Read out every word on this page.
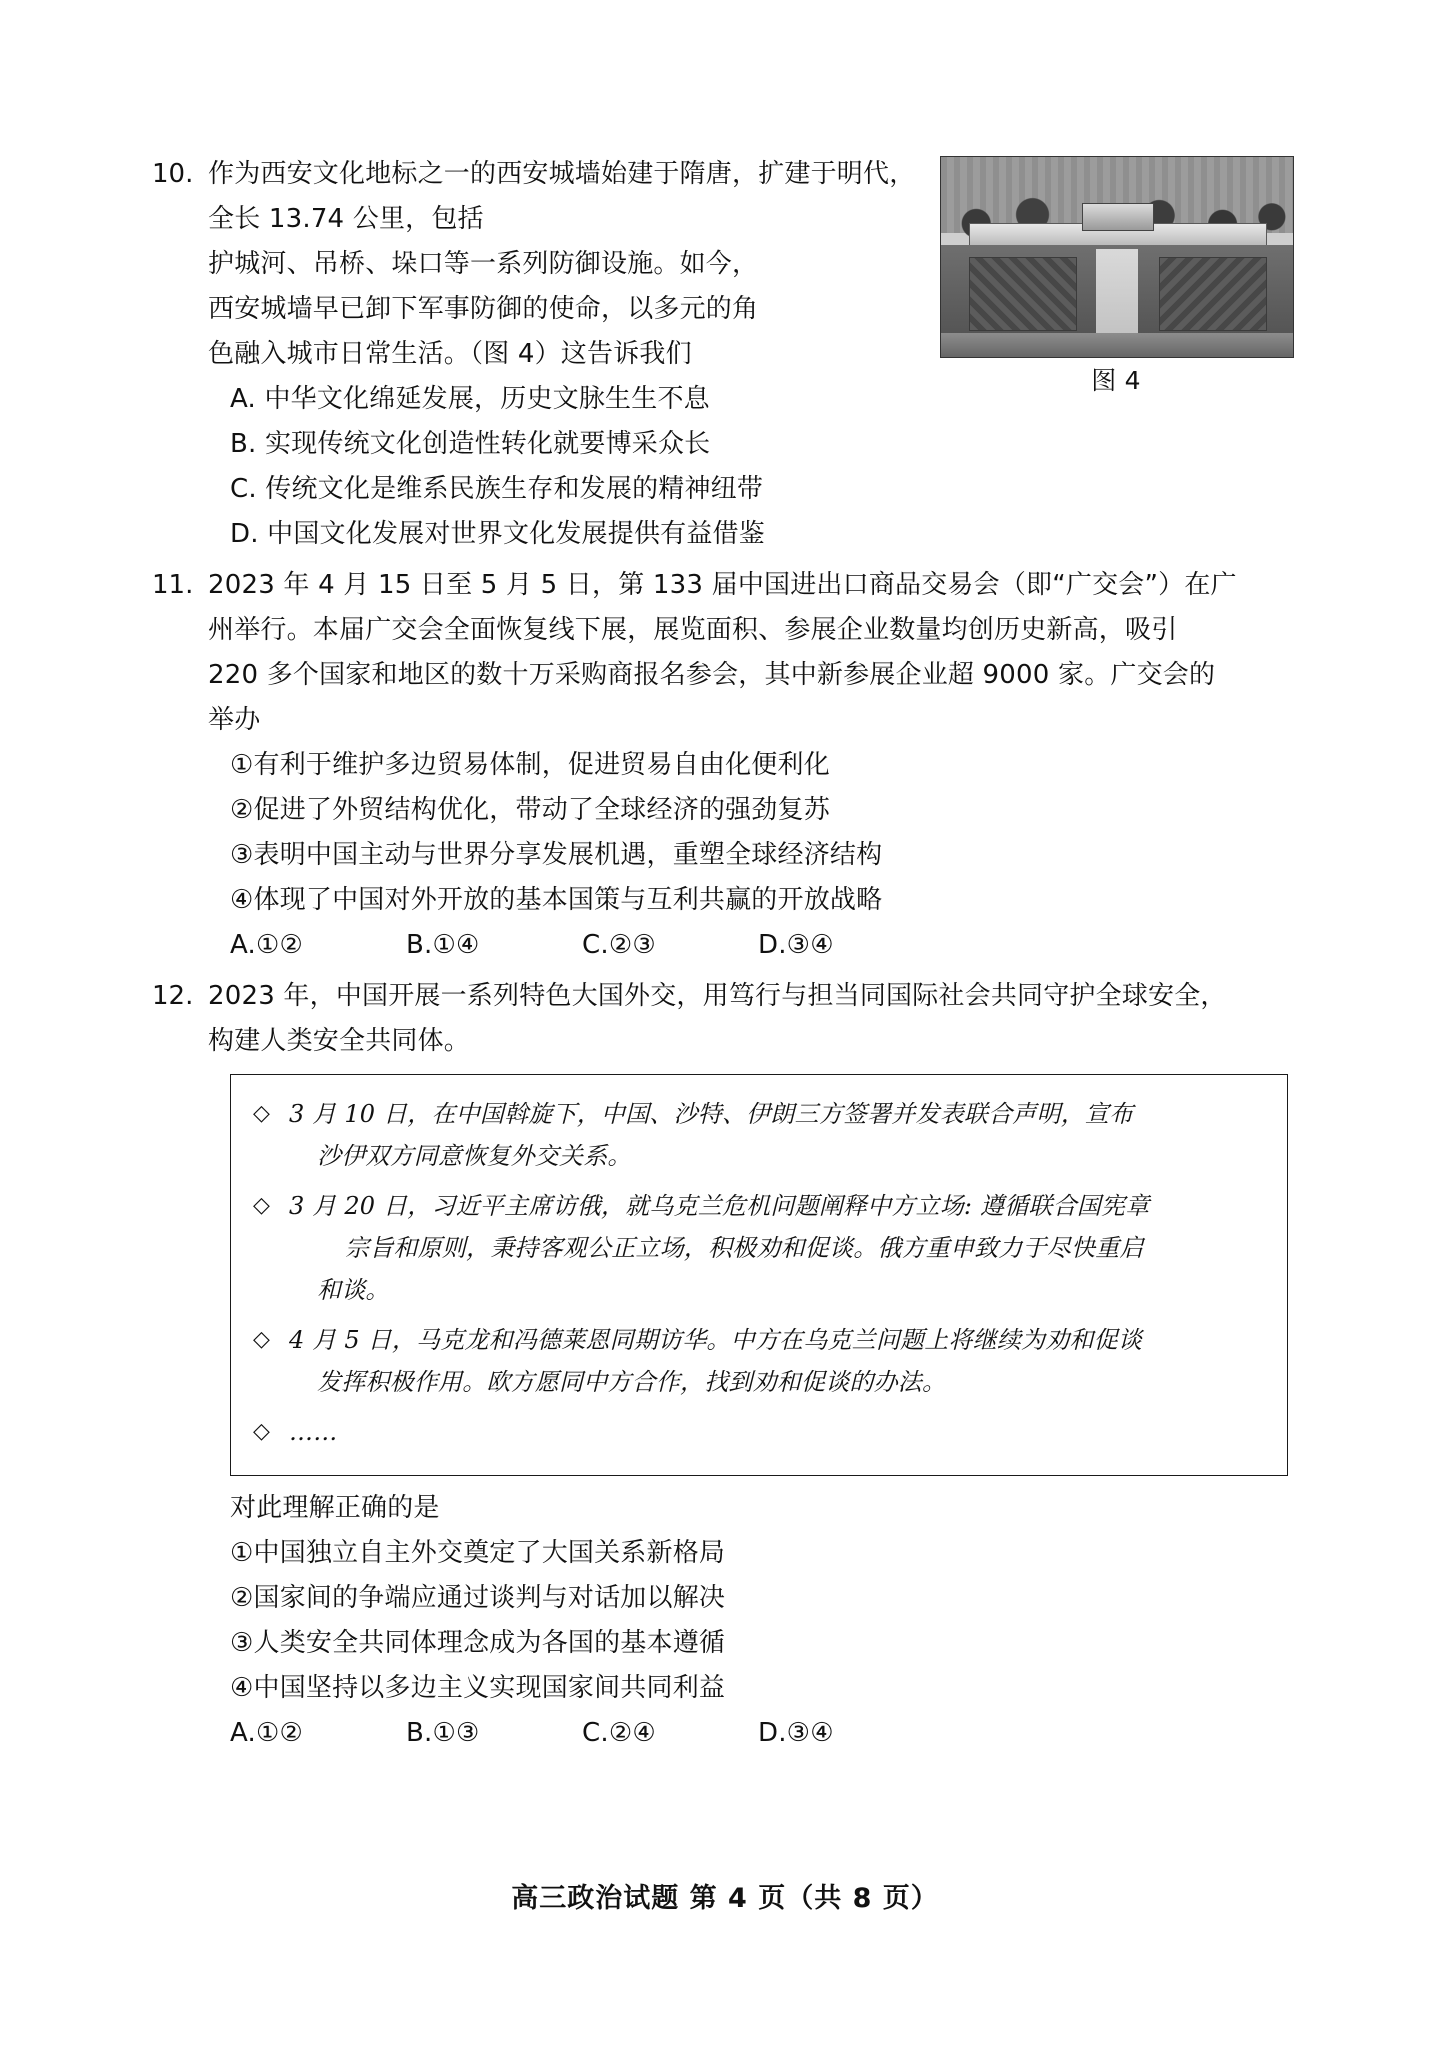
10.
图 4
作为西安文化地标之一的西安城墙始建于隋唐，扩建于明代，全长 13.74 公里，包括
护城河、吊桥、垛口等一系列防御设施。如今，
西安城墙早已卸下军事防御的使命，以多元的角
色融入城市日常生活。（图 4）这告诉我们
A. 中华文化绵延发展，历史文脉生生不息
B. 实现传统文化创造性转化就要博采众长
C. 传统文化是维系民族生存和发展的精神纽带
D. 中国文化发展对世界文化发展提供有益借鉴
11. 2023 年 4 月 15 日至 5 月 5 日，第 133 届中国进出口商品交易会（即“广交会”）在广
州举行。本届广交会全面恢复线下展，展览面积、参展企业数量均创历史新高，吸引
220 多个国家和地区的数十万采购商报名参会，其中新参展企业超 9000 家。广交会的
举办
①有利于维护多边贸易体制，促进贸易自由化便利化
②促进了外贸结构优化，带动了全球经济的强劲复苏
③表明中国主动与世界分享发展机遇，重塑全球经济结构
④体现了中国对外开放的基本国策与互利共赢的开放战略
A.①②	B.①④	C.②③	D.③④
12. 2023 年，中国开展一系列特色大国外交，用笃行与担当同国际社会共同守护全球安全，
构建人类安全共同体。
◇ 3 月 10 日，在中国斡旋下，中国、沙特、伊朗三方签署并发表联合声明，宣布
沙伊双方同意恢复外交关系。
◇ 3 月 20 日，习近平主席访俄，就乌克兰危机问题阐释中方立场: 遵循联合国宪章
宗旨和原则，秉持客观公正立场，积极劝和促谈。俄方重申致力于尽快重启
和谈。
◇ 4 月 5 日，马克龙和冯德莱恩同期访华。中方在乌克兰问题上将继续为劝和促谈
发挥积极作用。欧方愿同中方合作，找到劝和促谈的办法。
◇ ……
对此理解正确的是
①中国独立自主外交奠定了大国关系新格局
②国家间的争端应通过谈判与对话加以解决
③人类安全共同体理念成为各国的基本遵循
④中国坚持以多边主义实现国家间共同利益
A.①②	B.①③	C.②④	D.③④
高三政治试题 第 4 页（共 8 页）
